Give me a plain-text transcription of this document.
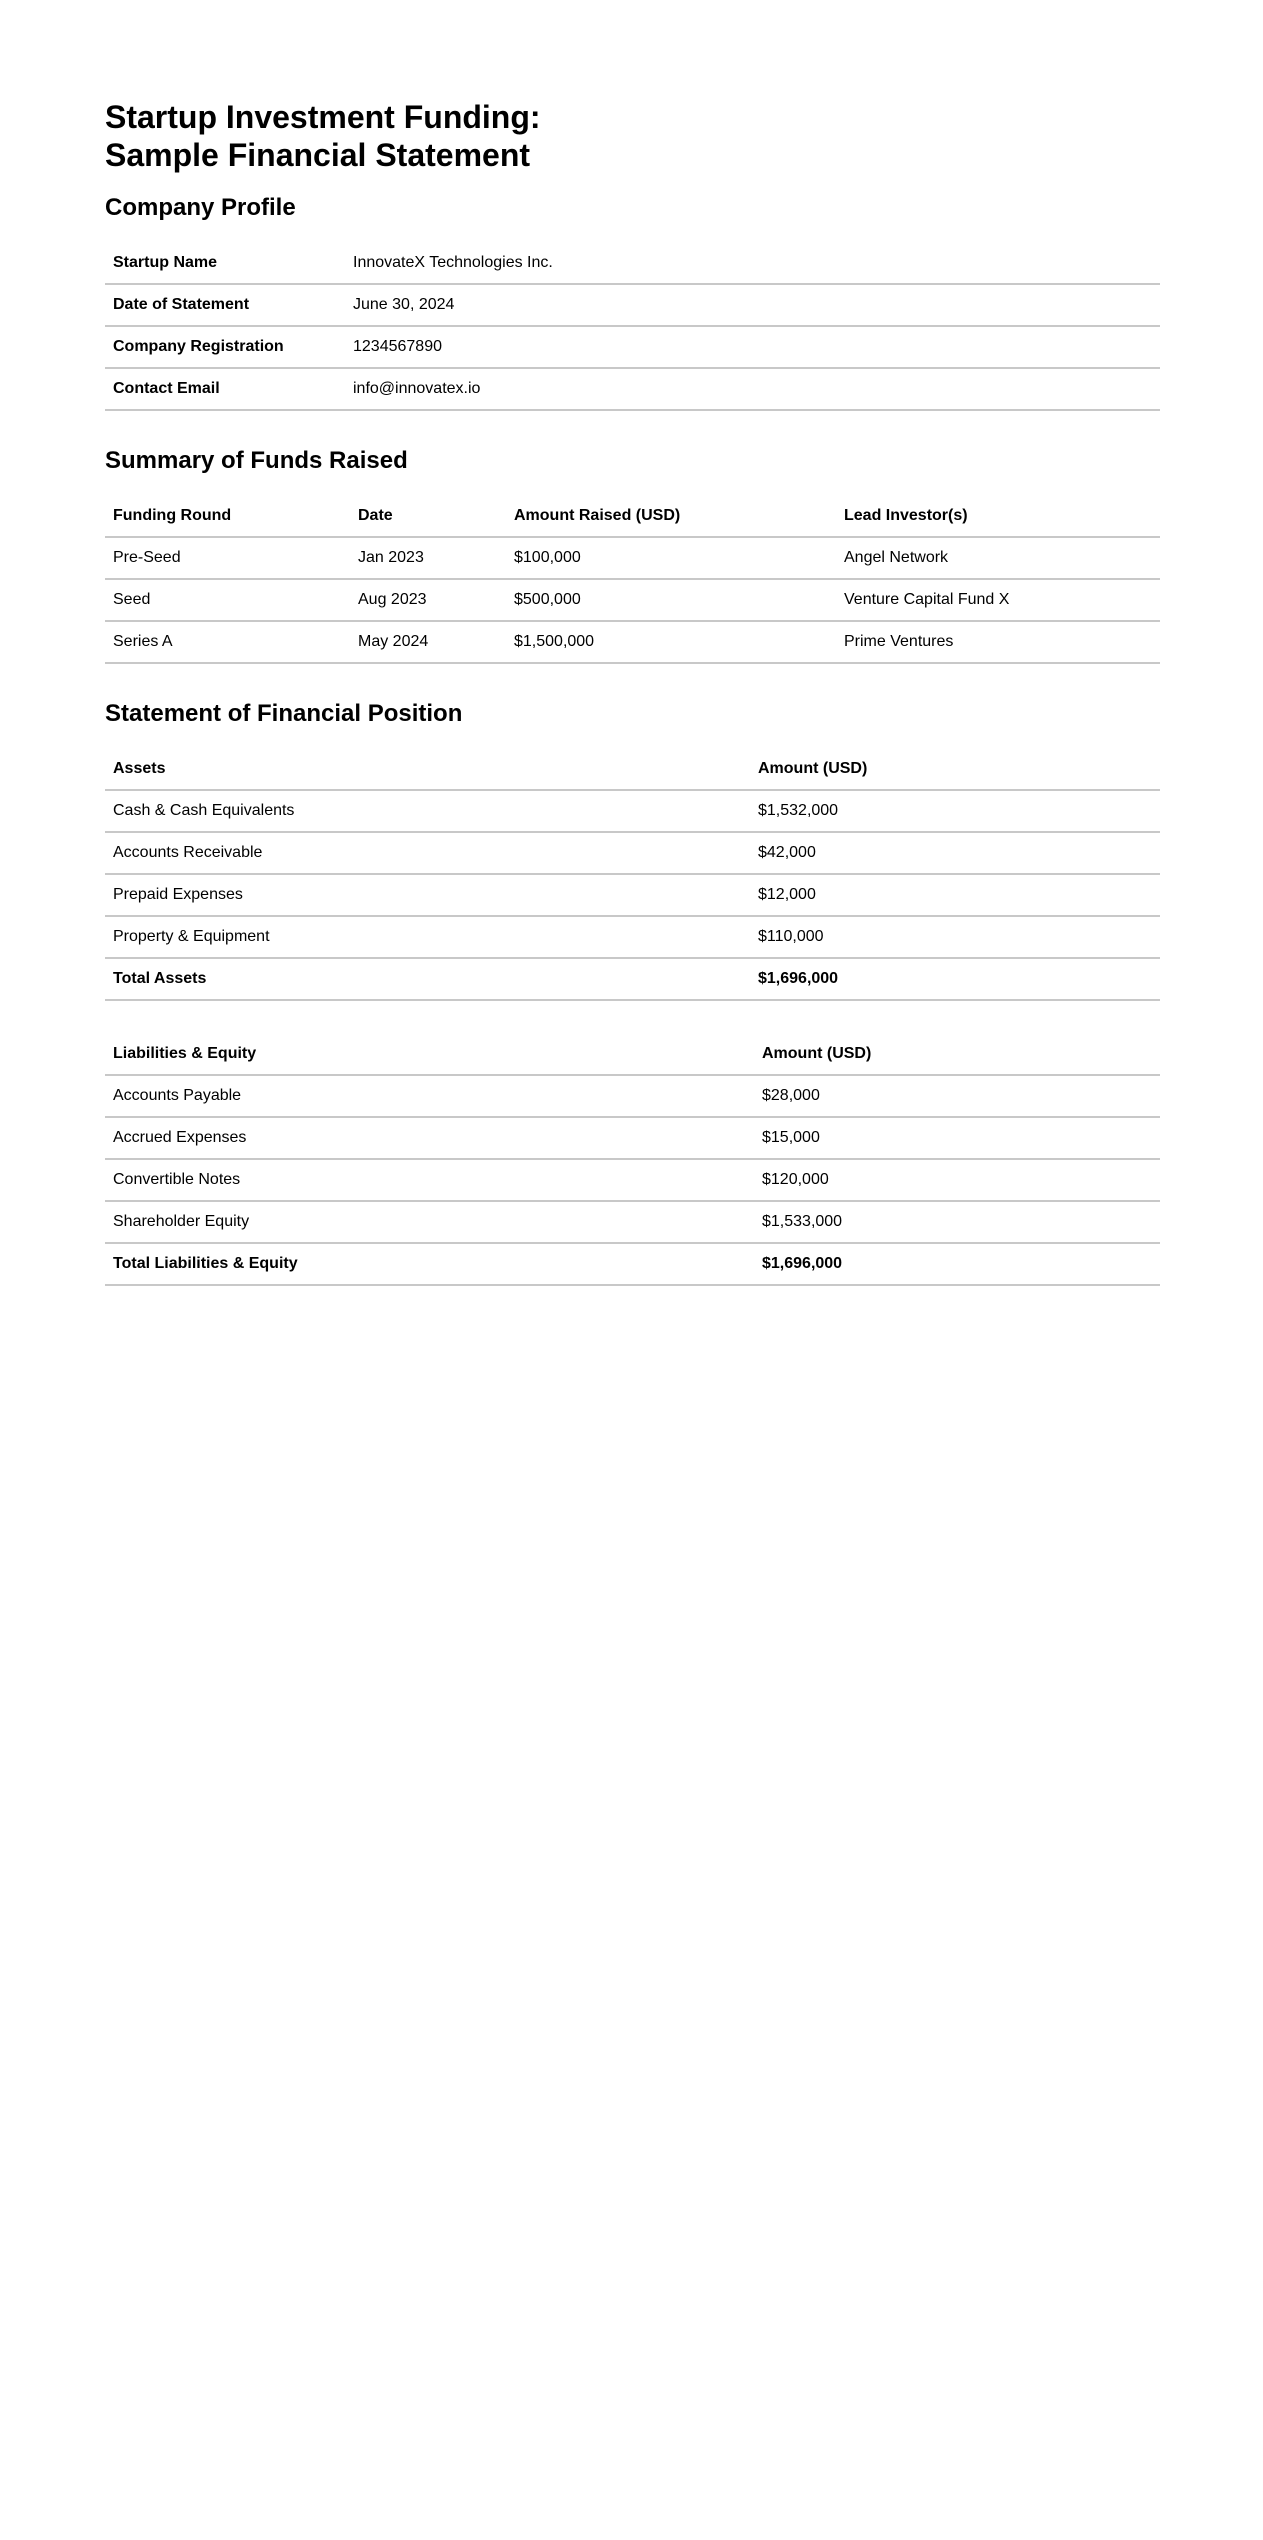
Startup Investment Funding:
Sample Financial Statement
Company Profile
Startup Name	InnovateX Technologies Inc.
Date of Statement	June 30, 2024
Company Registration	1234567890
Contact Email	info@innovatex.io
Summary of Funds Raised
Funding Round	Date	Amount Raised (USD)	Lead Investor(s)
Pre-Seed	Jan 2023	$100,000	Angel Network
Seed	Aug 2023	$500,000	Venture Capital Fund X
Series A	May 2024	$1,500,000	Prime Ventures
Statement of Financial Position
Assets	Amount (USD)
Cash & Cash Equivalents	$1,532,000
Accounts Receivable	$42,000
Prepaid Expenses	$12,000
Property & Equipment	$110,000
Total Assets	$1,696,000
Liabilities & Equity	Amount (USD)
Accounts Payable	$28,000
Accrued Expenses	$15,000
Convertible Notes	$120,000
Shareholder Equity	$1,533,000
Total Liabilities & Equity	$1,696,000
